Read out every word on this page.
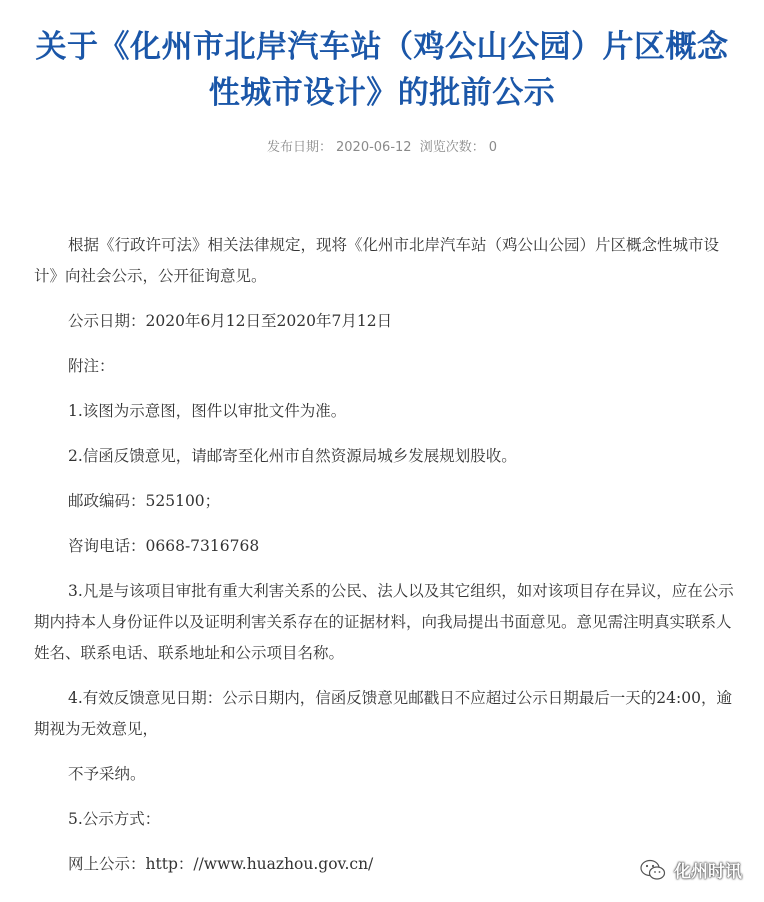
关于《化州市北岸汽车站（鸡公山公园）片区概念
性城市设计》的批前公示
发布日期： 2020-06-12 浏览次数： 0

根据《行政许可法》相关法律规定，现将《化州市北岸汽车站（鸡公山公园）片区概念性城市设计》向社会公示，公开征询意见。

公示日期：2020年6月12日至2020年7月12日

附注：

1.该图为示意图，图件以审批文件为准。

2.信函反馈意见，请邮寄至化州市自然资源局城乡发展规划股收。

邮政编码：525100；

咨询电话：0668-7316768

3.凡是与该项目审批有重大利害关系的公民、法人以及其它组织，如对该项目存在异议，应在公示期内持本人身份证件以及证明利害关系存在的证据材料，向我局提出书面意见。意见需注明真实联系人姓名、联系电话、联系地址和公示项目名称。

4.有效反馈意见日期：公示日期内，信函反馈意见邮戳日不应超过公示日期最后一天的24:00，逾期视为无效意见，

不予采纳。

5.公示方式：

网上公示：http：//www.huazhou.gov.cn/	化州时讯
